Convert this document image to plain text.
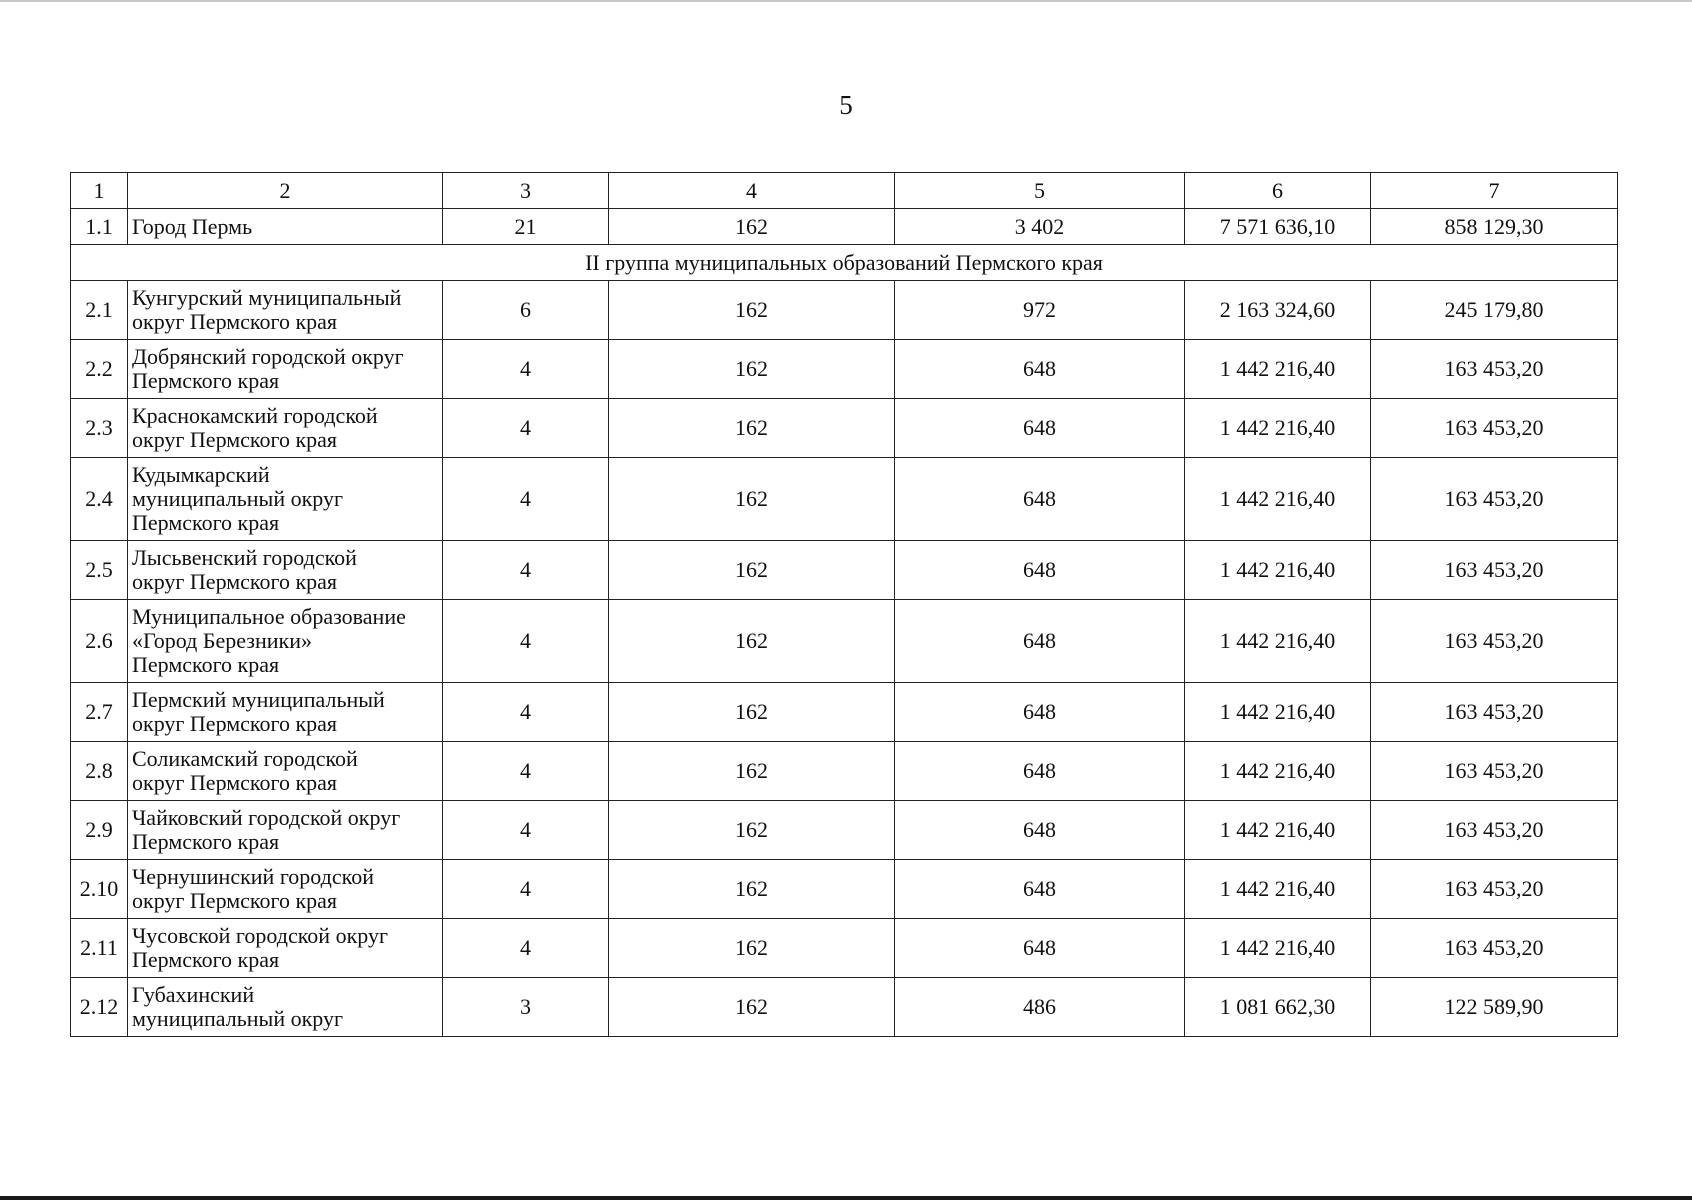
5
1	2	3	4	5	6	7
1.1	Город Пермь	21	162	3 402	7 571 636,10	858 129,30
II группа муниципальных образований Пермского края						
2.1	Кунгурский муниципальный
округ Пермского края	6	162	972	2 163 324,60	245 179,80
2.2	Добрянский городской округ
Пермского края	4	162	648	1 442 216,40	163 453,20
2.3	Краснокамский городской
округ Пермского края	4	162	648	1 442 216,40	163 453,20
2.4	Кудымкарский
муниципальный округ
Пермского края	4	162	648	1 442 216,40	163 453,20
2.5	Лысьвенский городской
округ Пермского края	4	162	648	1 442 216,40	163 453,20
2.6	Муниципальное образование
«Город Березники»
Пермского края	4	162	648	1 442 216,40	163 453,20
2.7	Пермский муниципальный
округ Пермского края	4	162	648	1 442 216,40	163 453,20
2.8	Соликамский городской
округ Пермского края	4	162	648	1 442 216,40	163 453,20
2.9	Чайковский городской округ
Пермского края	4	162	648	1 442 216,40	163 453,20
2.10	Чернушинский городской
округ Пермского края	4	162	648	1 442 216,40	163 453,20
2.11	Чусовской городской округ
Пермского края	4	162	648	1 442 216,40	163 453,20
2.12	Губахинский
муниципальный округ	3	162	486	1 081 662,30	122 589,90
